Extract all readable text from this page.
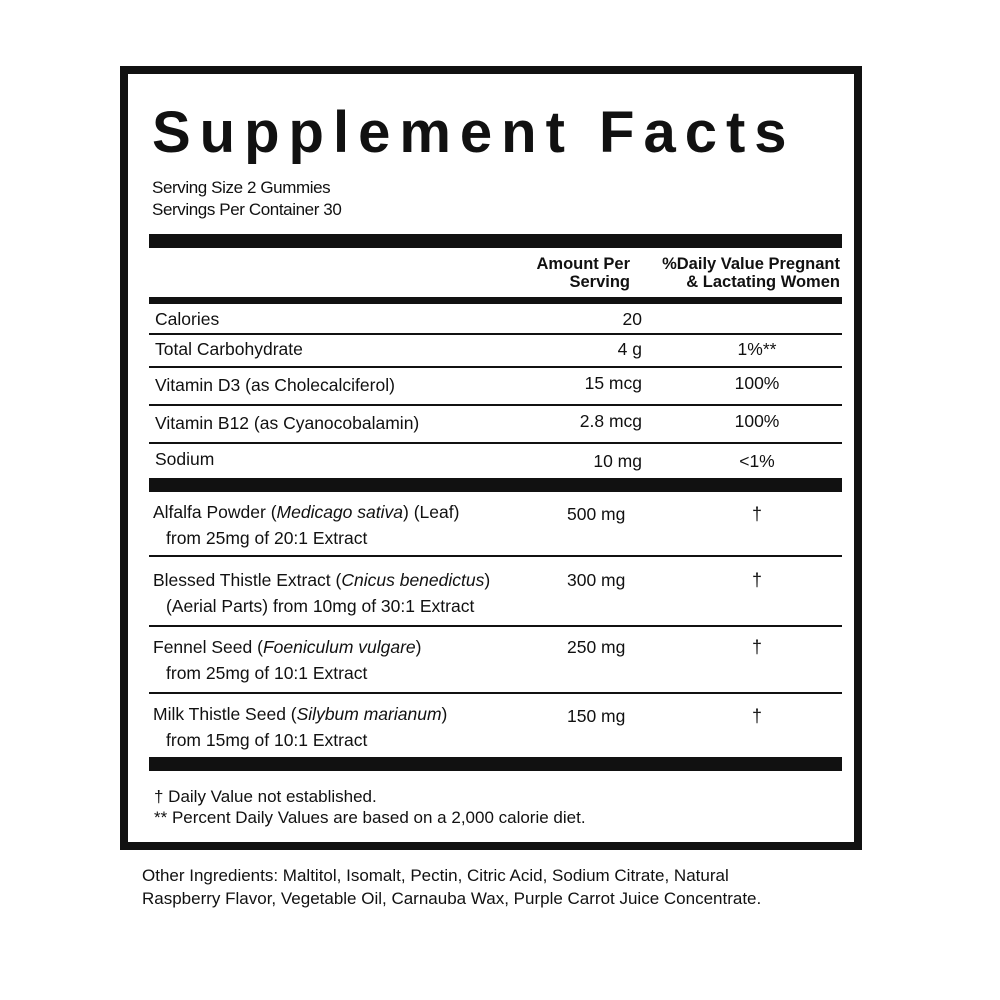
Supplement Facts
Serving Size 2 Gummies
Servings Per Container 30
Amount Per
Serving
%Daily Value Pregnant
& Lactating Women
Calories	20
Total Carbohydrate	4 g	1%**
Vitamin D3 (as Cholecalciferol)	15 mcg	100%
Vitamin B12 (as Cyanocobalamin)	2.8 mcg	100%
Sodium	10 mg	<1%
Alfalfa Powder (Medicago sativa) (Leaf)
from 25mg of 20:1 Extract
500 mg	†
Blessed Thistle Extract (Cnicus benedictus)
(Aerial Parts) from 10mg of 30:1 Extract
300 mg	†
Fennel Seed (Foeniculum vulgare)
from 25mg of 10:1 Extract
250 mg	†
Milk Thistle Seed (Silybum marianum)
from 15mg of 10:1 Extract
150 mg	†
† Daily Value not established.
** Percent Daily Values are based on a 2,000 calorie diet.
Other Ingredients: Maltitol, Isomalt, Pectin, Citric Acid, Sodium Citrate, Natural
Raspberry Flavor, Vegetable Oil, Carnauba Wax, Purple Carrot Juice Concentrate.
